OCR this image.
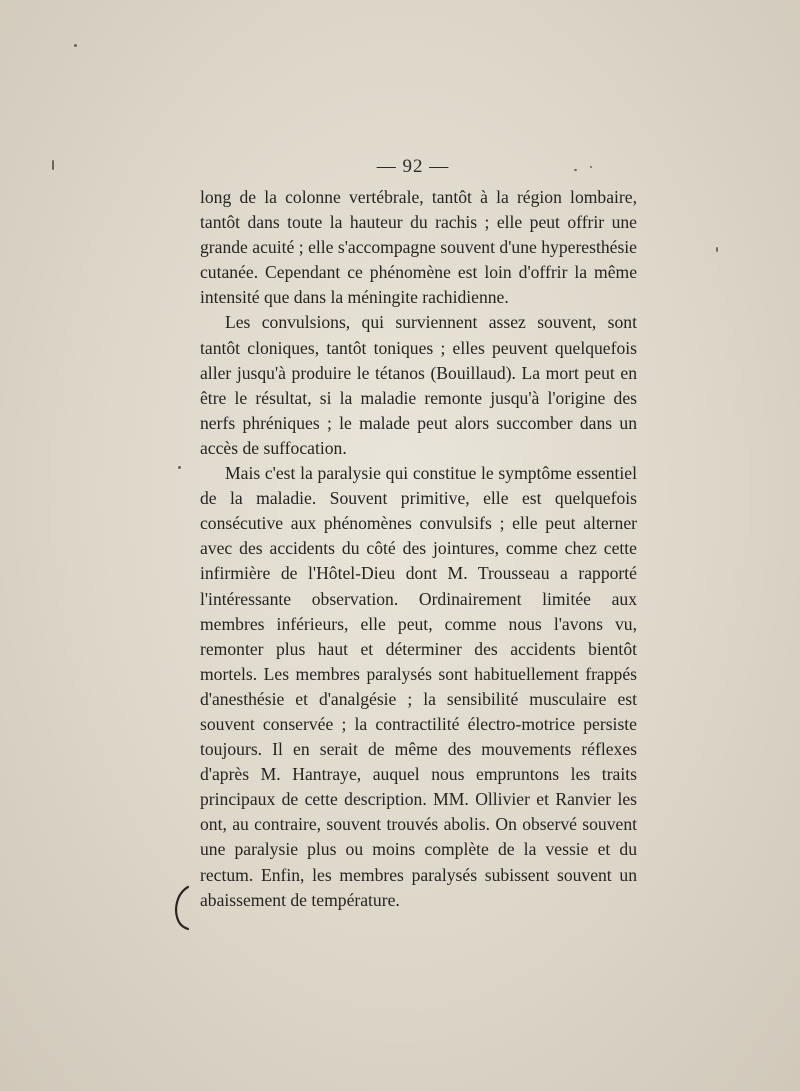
— 92 —

long de la colonne vertébrale, tantôt à la région lombaire, tantôt dans toute la hauteur du rachis ; elle peut offrir une grande acuité ; elle s'accompagne souvent d'une hyperesthésie cutanée. Cependant ce phénomène est loin d'offrir la même intensité que dans la méningite rachidienne.

Les convulsions, qui surviennent assez souvent, sont tantôt cloniques, tantôt toniques ; elles peuvent quelquefois aller jusqu'à produire le tétanos (Bouillaud). La mort peut en être le résultat, si la maladie remonte jusqu'à l'origine des nerfs phréniques ; le malade peut alors succomber dans un accès de suffocation.

Mais c'est la paralysie qui constitue le symptôme essentiel de la maladie. Souvent primitive, elle est quelquefois consécutive aux phénomènes convulsifs ; elle peut alterner avec des accidents du côté des jointures, comme chez cette infirmière de l'Hôtel-Dieu dont M. Trousseau a rapporté l'intéressante observation. Ordinairement limitée aux membres inférieurs, elle peut, comme nous l'avons vu, remonter plus haut et déterminer des accidents bientôt mortels. Les membres paralysés sont habituellement frappés d'anesthésie et d'analgésie ; la sensibilité musculaire est souvent conservée ; la contractilité électro-motrice persiste toujours. Il en serait de même des mouvements réflexes d'après M. Hantraye, auquel nous empruntons les traits principaux de cette description. MM. Ollivier et Ranvier les ont, au contraire, souvent trouvés abolis. On observé souvent une paralysie plus ou moins complète de la vessie et du rectum. Enfin, les membres paralysés subissent souvent un abaissement de température.
